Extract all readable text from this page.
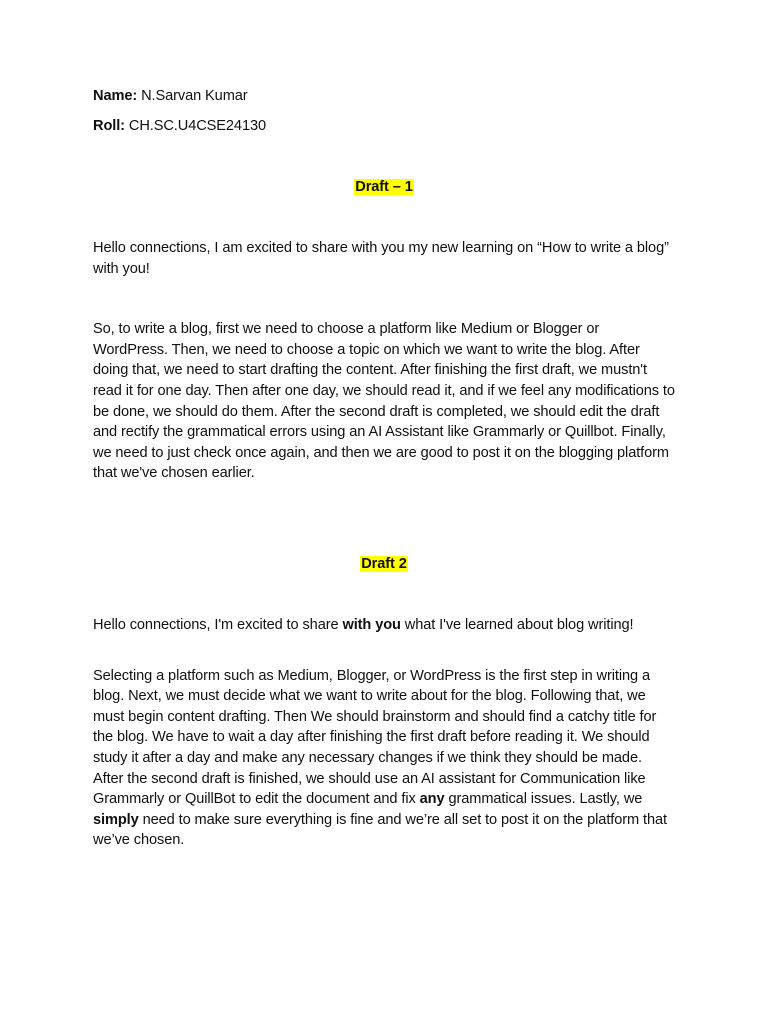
Name: N.Sarvan Kumar

Roll: CH.SC.U4CSE24130

Draft – 1

Hello connections, I am excited to share with you my new learning on “How to write a blog” with you!

So, to write a blog, first we need to choose a platform like Medium or Blogger or WordPress. Then, we need to choose a topic on which we want to write the blog. After doing that, we need to start drafting the content. After finishing the first draft, we mustn't read it for one day. Then after one day, we should read it, and if we feel any modifications to be done, we should do them. After the second draft is completed, we should edit the draft and rectify the grammatical errors using an AI Assistant like Grammarly or Quillbot. Finally, we need to just check once again, and then we are good to post it on the blogging platform that we've chosen earlier.

Draft 2

Hello connections, I'm excited to share with you what I've learned about blog writing!

Selecting a platform such as Medium, Blogger, or WordPress is the first step in writing a blog. Next, we must decide what we want to write about for the blog. Following that, we must begin content drafting. Then We should brainstorm and should find a catchy title for the blog. We have to wait a day after finishing the first draft before reading it. We should study it after a day and make any necessary changes if we think they should be made. After the second draft is finished, we should use an AI assistant for Communication like Grammarly or QuillBot to edit the document and fix any grammatical issues. Lastly, we simply need to make sure everything is fine and we’re all set to post it on the platform that we’ve chosen.
